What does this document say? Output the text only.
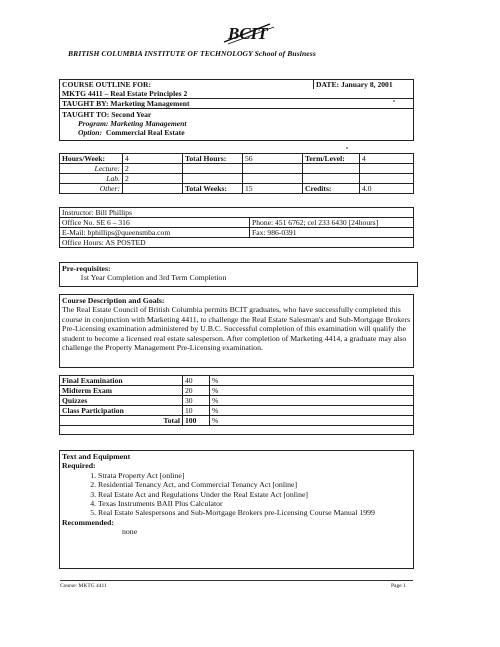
BCIT
BRITISH COLUMBIA INSTITUTE OF TECHNOLOGY School of Business
COURSE OUTLINE FOR:	DATE: January 8, 2001
MKTG 4411 – Real Estate Principles 2
TAUGHT BY: Marketing Management

TAUGHT TO: Second Year
Program: Marketing Management
Option: Commercial Real Estate
Hours/Week:	4	Total Hours:	56	Term/Level:	4
Lecture:	2				
Lab.	2				
Other:		Total Weeks:	15	Credits:	4.0
Instructor: Bill Phillips	
Office No. SE 6 – 316	Phone: 451 6762; cel 233 6430 [24hours]
E-Mail: bphillips@queensmba.com	Fax: 986-0391
Office Hours: AS POSTED	
Pre-requisites:
1st Year Completion and 3rd Term Completion
Course Description and Goals:
The Real Estate Council of British Columbia permits BCIT graduates, who have successfully completed this course in conjunction with Marketing 4411, to challenge the Real Estate Salesman's and Sub-Mortgage Brokers Pre-Licensing examination administered by U.B.C. Successful completion of this examination will qualify the student to become a licensed real estate salesperson. After completion of Marketing 4414, a graduate may also challenge the Property Management Pre-Licensing examination.
Final Examination	40	%
Midterm Exam	20	%
Quizzes	30	%
Class Participation	10	%
Total	100	%

Text and Equipment
Required:
1. Strata Property Act [online]
2. Residential Tenancy Act, and Commercial Tenancy Act [online]
3. Real Estate Act and Regulations Under the Real Estate Act [online]
4. Texas Instruments BAII Plus Calculator
5. Real Estate Salespersons and Sub-Mortgage Brokers pre-Licensing Course Manual 1999
Recommended:
none
Course: MKTG 4411	Page 1
